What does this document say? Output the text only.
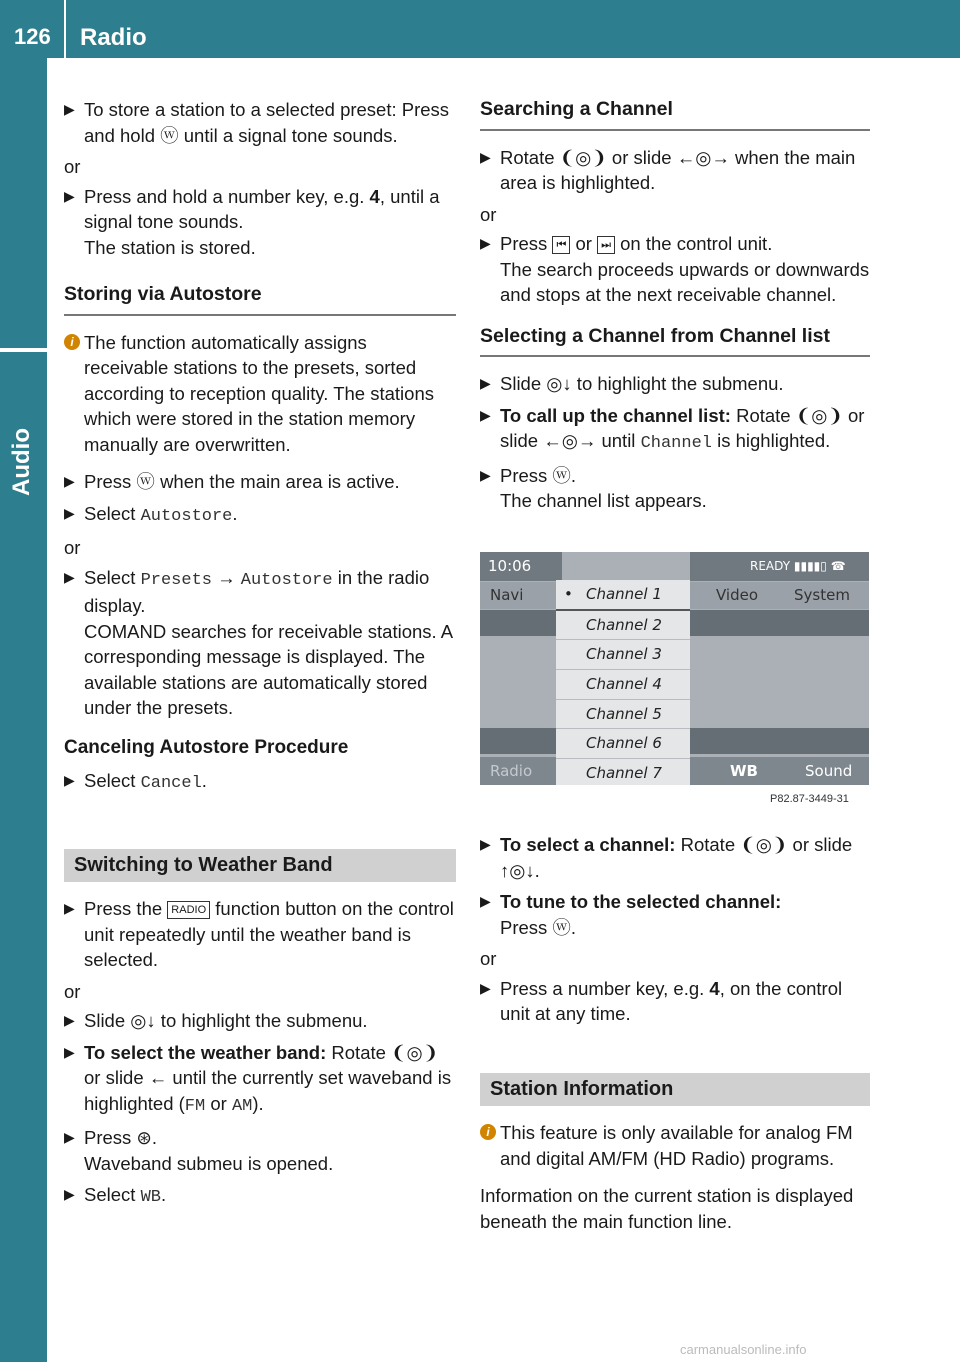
126 Radio
Audio
▶ To store a station to a selected preset: Press and hold ⓦ until a signal tone sounds.
or
▶ Press and hold a number key, e.g. 4, until a signal tone sounds.
The station is stored.
Storing via Autostore
i The function automatically assigns receivable stations to the presets, sorted according to reception quality. The stations which were stored in the station memory manually are overwritten.
▶ Press ⓦ when the main area is active.
▶ Select Autostore.
or
▶ Select Presets → Autostore in the radio display.
COMAND searches for receivable stations. A corresponding message is displayed. The available stations are automatically stored under the presets.
Canceling Autostore Procedure
▶ Select Cancel.
Switching to Weather Band
▶ Press the RADIO function button on the control unit repeatedly until the weather band is selected.
or
▶ Slide ◎↓ to highlight the submenu.
▶ To select the weather band: Rotate ❨◎❩ or slide ← until the currently set waveband is highlighted (FM or AM).
▶ Press ⊛.
Waveband submeu is opened.
▶ Select WB.
Searching a Channel
▶ Rotate ❨◎❩ or slide ←◎→ when the main area is highlighted.
or
▶ Press ⏮ or ⏭ on the control unit.
The search proceeds upwards or downwards and stops at the next receivable channel.
Selecting a Channel from Channel list
▶ Slide ◎↓ to highlight the submenu.
▶ To call up the channel list: Rotate ❨◎❩ or slide ←◎→ until Channel is highlighted.
▶ Press ⓦ.
The channel list appears.
10:06	READY ▮▮▮▮▯ ☎
Navi	Video System
Radio	WB	Sound
• Channel 1
Channel 2
Channel 3
Channel 4
Channel 5
Channel 6
Channel 7
P82.87-3449-31
▶ To select a channel: Rotate ❨◎❩ or slide ↑◎↓.
▶ To tune to the selected channel:
Press ⓦ.
or
▶ Press a number key, e.g. 4, on the control unit at any time.
Station Information
i This feature is only available for analog FM and digital AM/FM (HD Radio) programs.
Information on the current station is displayed beneath the main function line.
carmanualsonline.info
